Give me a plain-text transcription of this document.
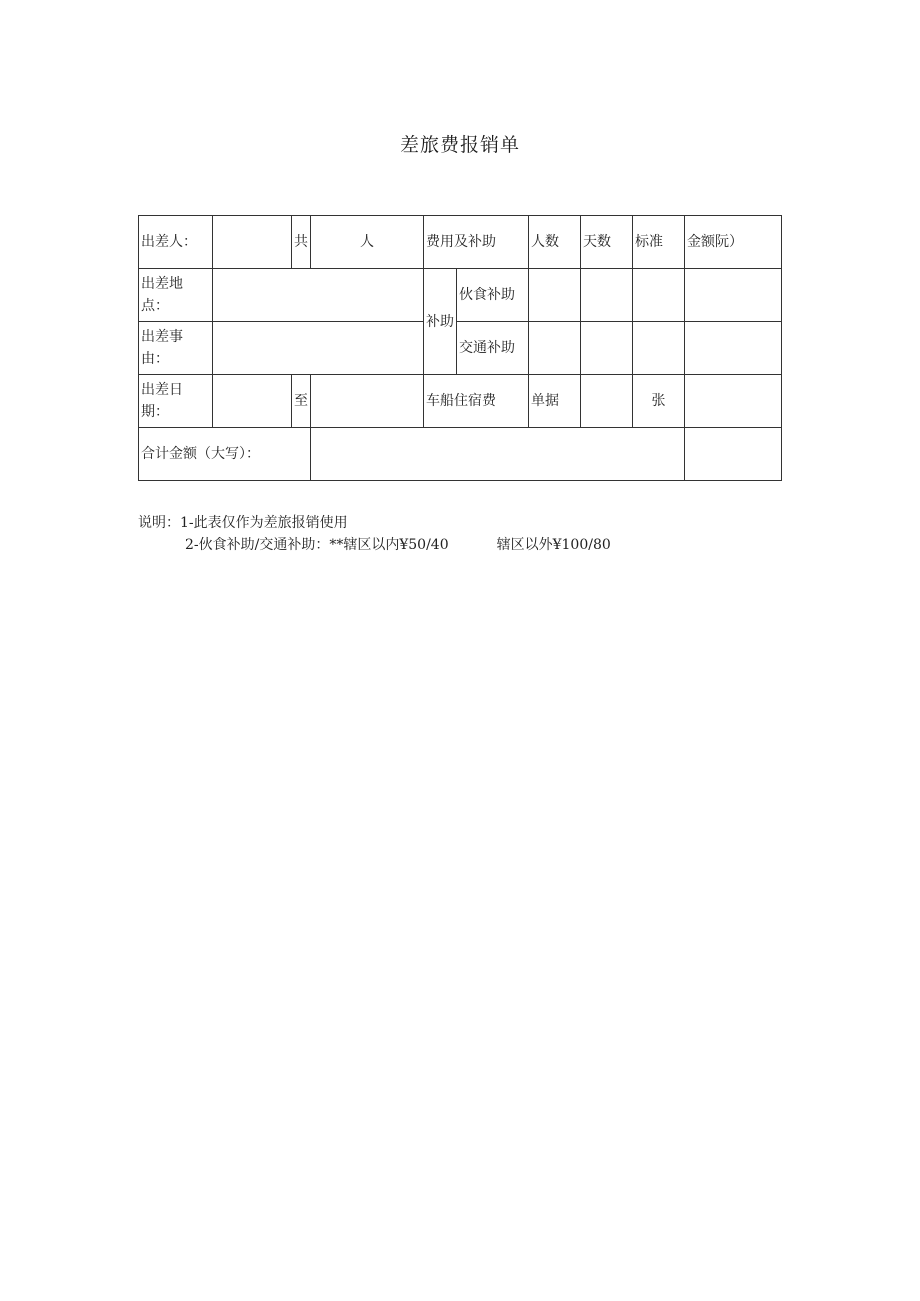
差旅费报销单
出差人：		共	人	费用及补助		人数	天数	标准	金额阮）
出差地点：				补助	伙食补助				
出差事由：					交通补助				
出差日期：		至		车船住宿费		单据		张	
合计金额（大写）：									
说明：1-此表仅作为差旅报销使用
2-伙食补助/交通补助：**辖区以内¥50/40	辖区以外¥100/80
